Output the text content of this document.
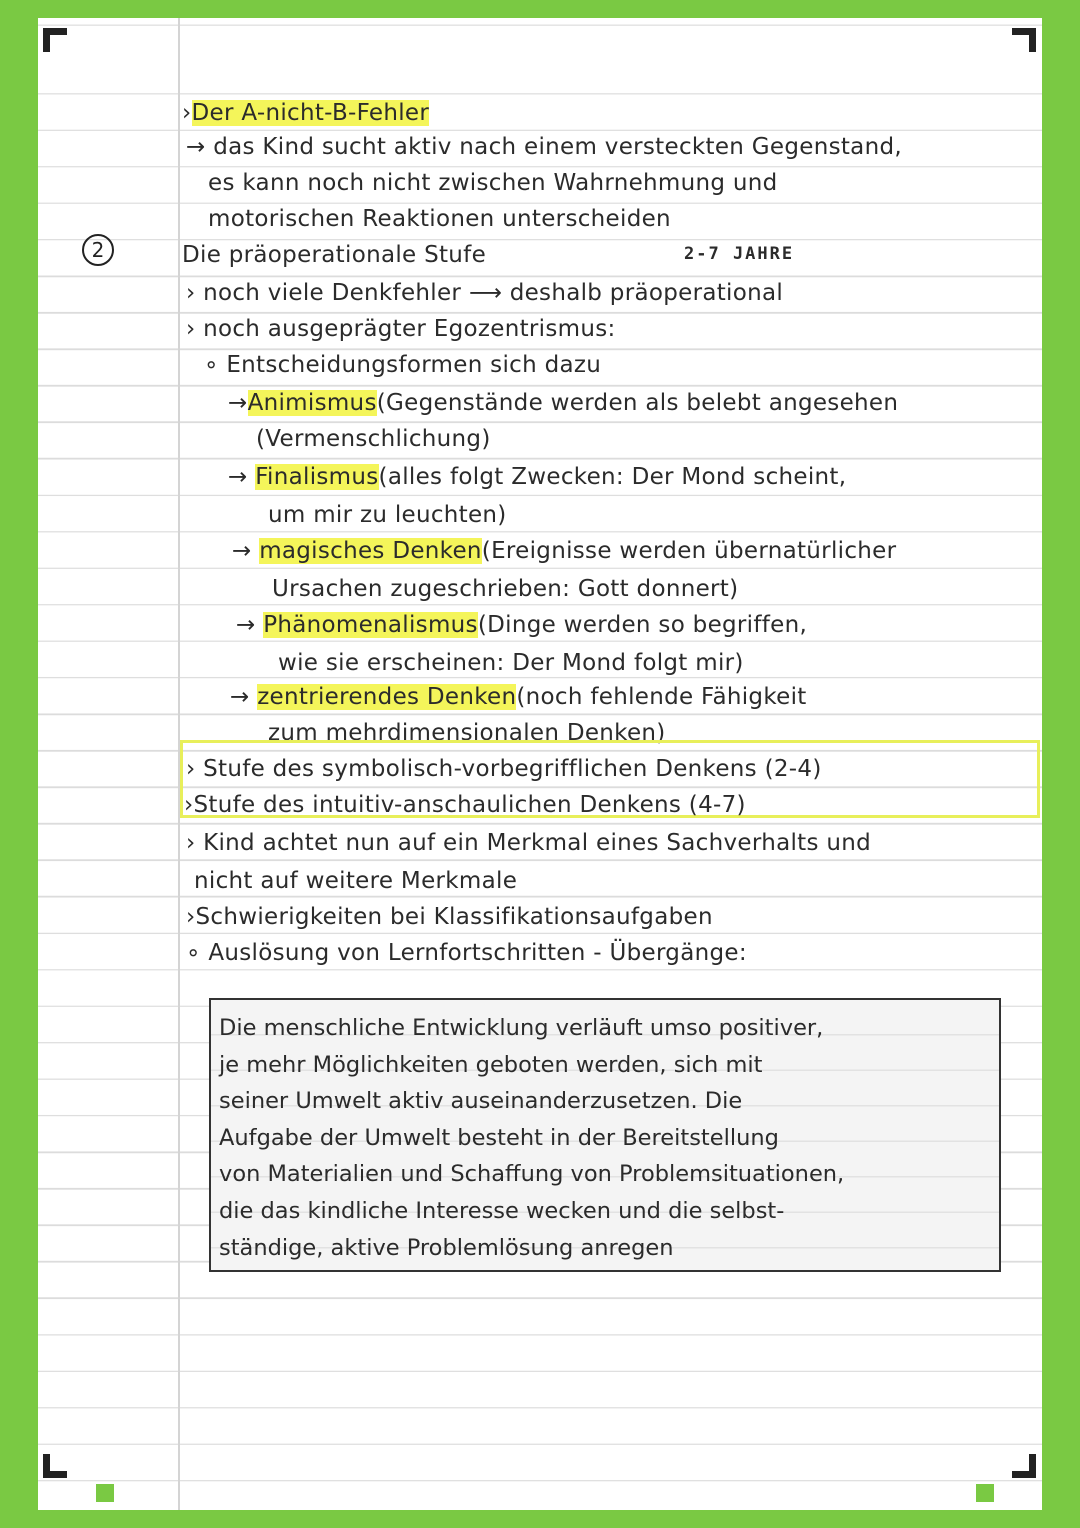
2
›Der A-nicht-B-Fehler
→ das Kind sucht aktiv nach einem versteckten Gegenstand,
es kann noch nicht zwischen Wahrnehmung und
motorischen Reaktionen unterscheiden
Die präoperationale Stufe	2-7 JAHRE
› noch viele Denkfehler ⟶ deshalb präoperational
› noch ausgeprägter Egozentrismus:
∘ Entscheidungsformen sich dazu
→Animismus(Gegenstände werden als belebt angesehen
(Vermenschlichung)
→ Finalismus(alles folgt Zwecken: Der Mond scheint,
um mir zu leuchten)
→ magisches Denken(Ereignisse werden übernatürlicher
Ursachen zugeschrieben: Gott donnert)
→ Phänomenalismus(Dinge werden so begriffen,
wie sie erscheinen: Der Mond folgt mir)
→ zentrierendes Denken(noch fehlende Fähigkeit
zum mehrdimensionalen Denken)
› Stufe des symbolisch-vorbegrifflichen Denkens (2-4)
›Stufe des intuitiv-anschaulichen Denkens (4-7)
› Kind achtet nun auf ein Merkmal eines Sachverhalts und
nicht auf weitere Merkmale
›Schwierigkeiten bei Klassifikationsaufgaben
∘ Auslösung von Lernfortschritten - Übergänge:
Die menschliche Entwicklung verläuft umso positiver,
je mehr Möglichkeiten geboten werden, sich mit
seiner Umwelt aktiv auseinanderzusetzen. Die
Aufgabe der Umwelt besteht in der Bereitstellung
von Materialien und Schaffung von Problemsituationen,
die das kindliche Interesse wecken und die selbst-
ständige, aktive Problemlösung anregen
